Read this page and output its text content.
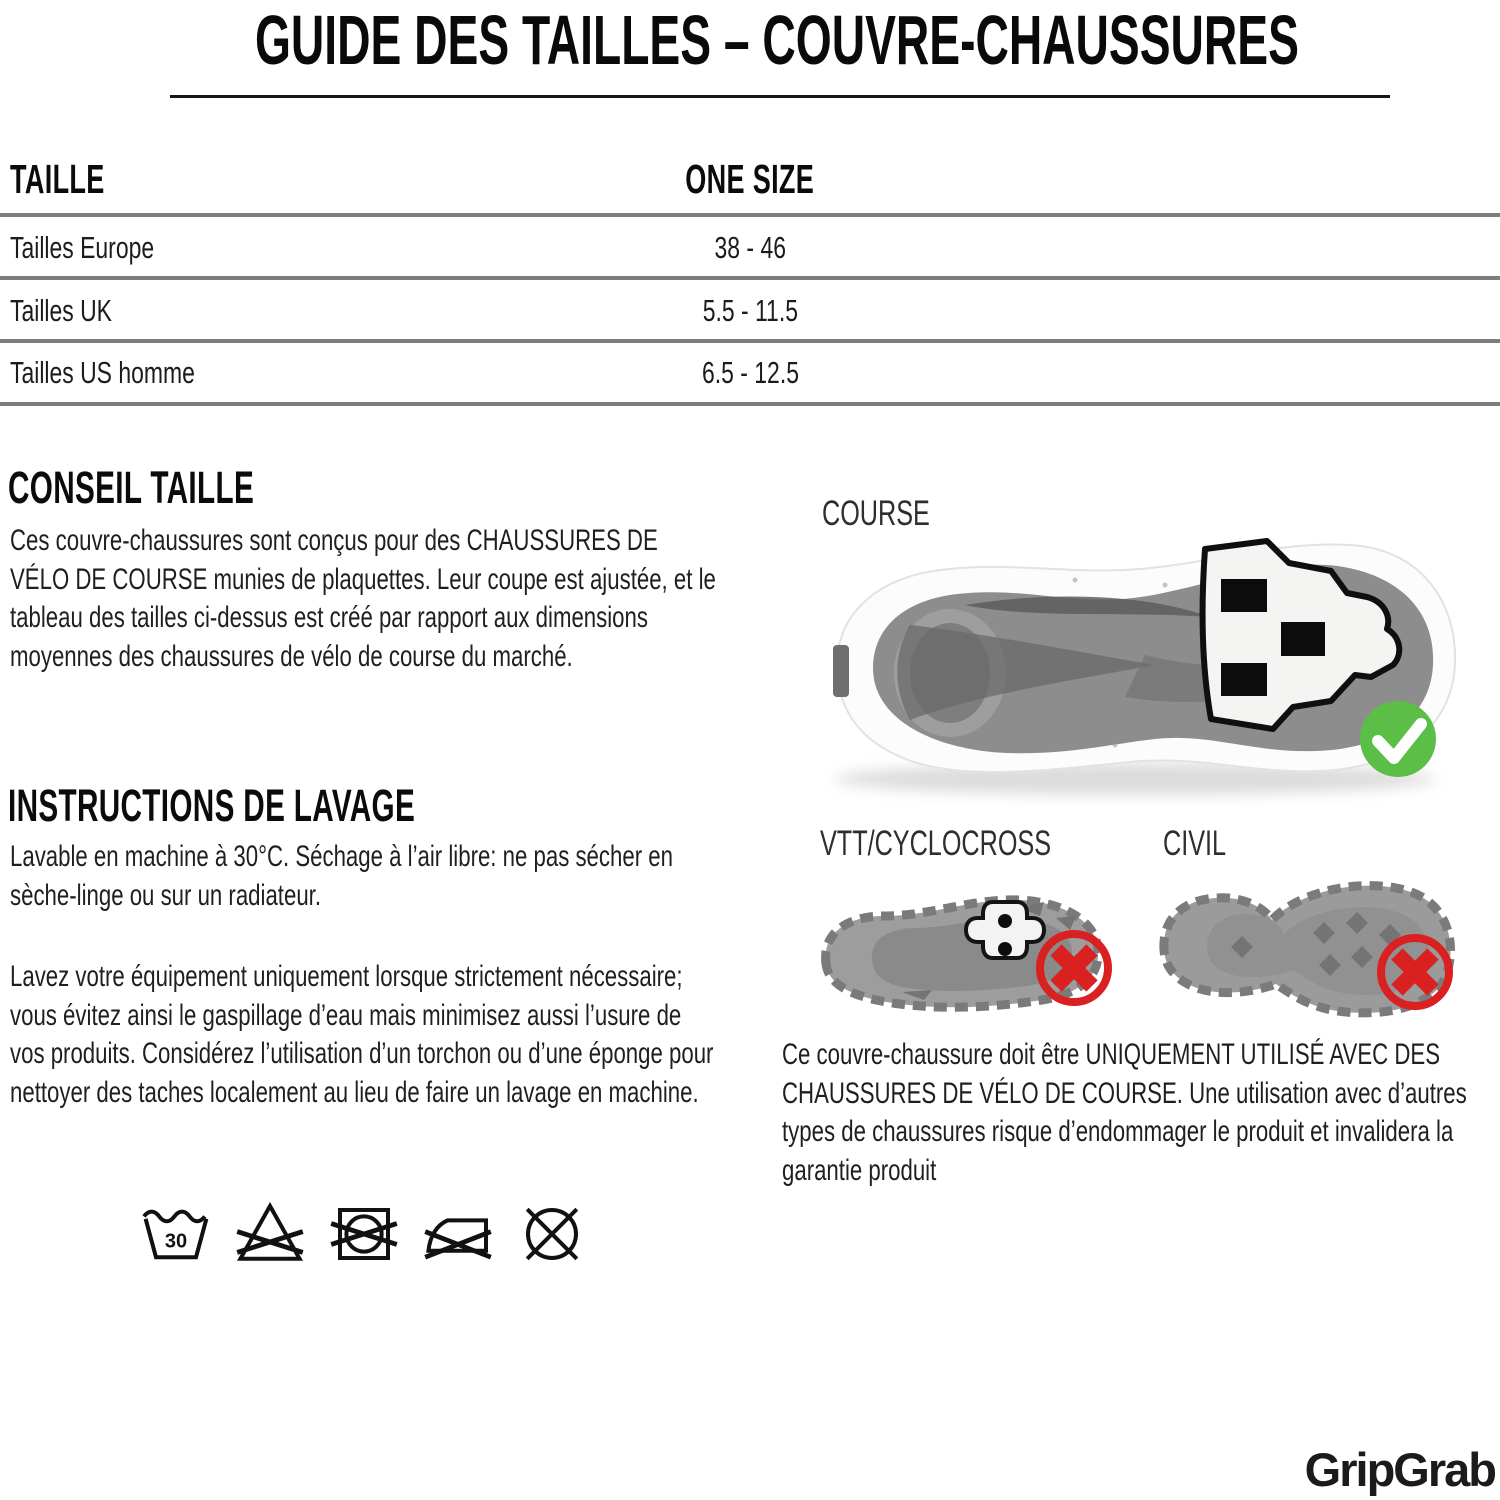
GUIDE DES TAILLES – COUVRE-CHAUSSURES
TAILLE	ONE SIZE
Tailles Europe	38 - 46
Tailles UK	5.5 - 11.5
Tailles US homme	6.5 - 12.5
CONSEIL TAILLE
Ces couvre-chaussures sont conçus pour des CHAUSSURES DE VÉLO DE COURSE munies de plaquettes. Leur coupe est ajustée, et le tableau des tailles ci-dessus est créé par rapport aux dimensions moyennes des chaussures de vélo de course du marché.
INSTRUCTIONS DE LAVAGE
Lavable en machine à 30°C. Séchage à l’air libre: ne pas sécher en sèche-linge ou sur un radiateur.
Lavez votre équipement uniquement lorsque strictement nécessaire; vous évitez ainsi le gaspillage d’eau mais minimisez aussi l’usure de vos produits. Considérez l’utilisation d’un torchon ou d’une éponge pour nettoyer des taches localement au lieu de faire un lavage en machine.
30
COURSE
VTT/CYCLOCROSS	CIVIL
Ce couvre-chaussure doit être UNIQUEMENT UTILISÉ AVEC DES CHAUSSURES DE VÉLO DE COURSE. Une utilisation avec d’autres types de chaussures risque d’endommager le produit et invalidera la garantie produit
GripGrab
